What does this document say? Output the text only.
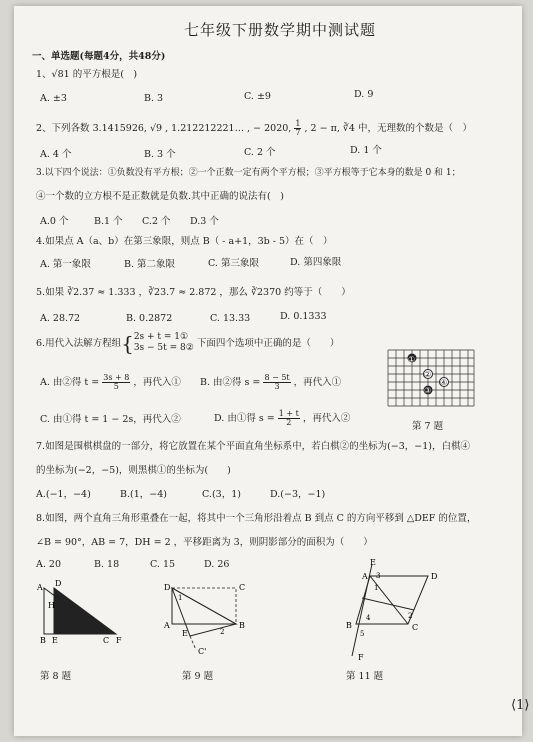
七年级下册数学期中测试题
一、单选题(每题4分，共48分)
1、√81 的平方根是(　)
A. ±3	B. 3	C. ±9	D. 9
2、下列各数 3.1415926, √9 , 1.212212221… , − 2020, $\frac{1}{7}$ , 2 − π, ∛4 中，无理数的个数是（　）
A. 4 个	B. 3 个	C. 2 个	D. 1 个
3.以下四个说法：①负数没有平方根；②一个正数一定有两个平方根；③平方根等于它本身的数是 0 和 1；
④一个数的立方根不是正数就是负数.其中正确的说法有(　)
A.0 个	B.1 个 C.2 个 D.3 个
4.如果点 A（a、b）在第三象限，则点 B（ - a+1，3b - 5）在（　）
A. 第一象限	B. 第二象限	C. 第三象限	D. 第四象限
5.如果 ∛2.37 ≈ 1.333 ，∛23.7 ≈ 2.872 ，那么 ∛2370 约等于（　　）
A. 28.72	B. 0.2872	C. 13.33	D. 0.1333
6.用代入法解方程组{ 2s + t = 1①
3s − 5t = 8② 下面四个选项中正确的是（　　）
A. 由②得 $t = \frac{3s + 8}{5}$ ，再代入① B. 由②得 $s = \frac{8 - 5t}{3}$ ，再代入①
C. 由①得 t = 1 − 2s，再代入②	D. 由①得 $s = \frac{1 + t}{2}$ ，再代入②
①
②
③
④
第 7 题
7.如图是围棋棋盘的一部分，将它放置在某个平面直角坐标系中，若白棋②的坐标为(−3，−1)，白棋④
的坐标为(−2，−5)，则黑棋①的坐标为(　　)
A.(−1，−4)	B.(1，−4)	C.(3，1)	D.(−3，−1)
8.如图，两个直角三角形重叠在一起，将其中一个三角形沿着点 B 到点 C 的方向平移到 △DEF 的位置，
∠B = 90°，AB = 7，DH = 2 ，平移距离为 3，则阴影部分的面积为（　　）
A. 20	B. 18	C. 15	D. 26
A D
H
B E	C F
第 8 题
D	C
A	B
E
C'
1
2
第 9 题
E
A	D
B	C
F
1
2
3
4
5
第 11 题
⟨1⟩
